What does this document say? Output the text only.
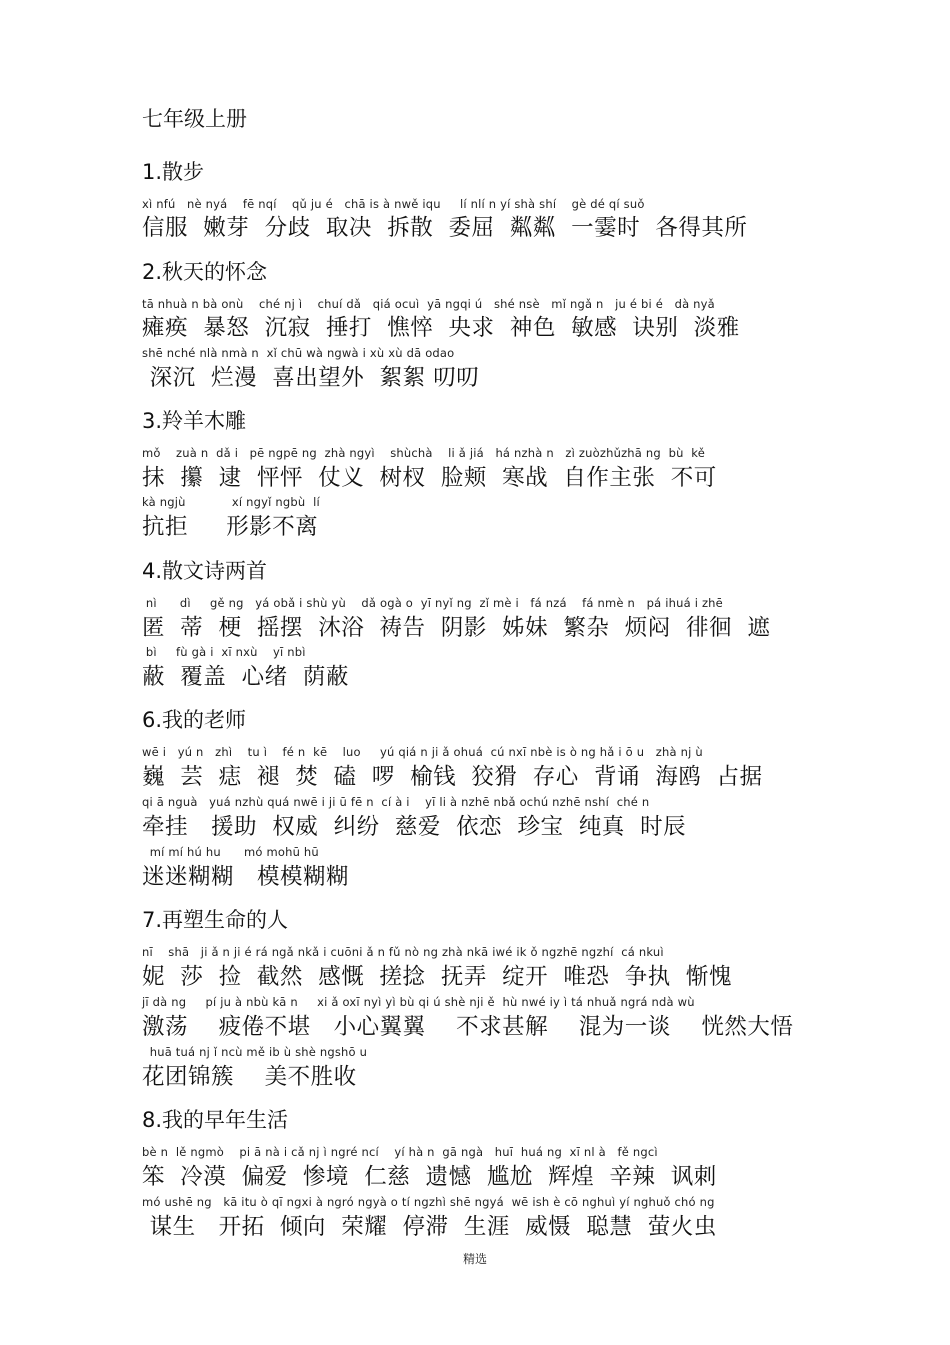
七年级上册
1.散步
xì nfú   nè nyá    fē nqí    qǔ ju é   chā is à nwě iqu     lí nlí n yí shà shí    gè dé qí suǒ
信服  嫩芽  分歧  取决  拆散  委屈  粼粼  一霎时  各得其所
2.秋天的怀念
tā nhuà n bà onù    ché nj ì    chuí dǎ   qiá ocuì  yā ngqi ú   shé nsè   mǐ ngǎ n   ju é bi é   dà nyǎ
瘫痪  暴怒  沉寂  捶打  憔悴  央求  神色  敏感  诀别  淡雅
shē nché nlà nmà n  xǐ chū wà ngwà i xù xù dā odao
深沉  烂漫  喜出望外  絮絮 叨叨
3.羚羊木雕
mǒ    zuà n  dǎ i   pē ngpē ng  zhà ngyì    shùchà    li ǎ jiá   há nzhà n   zì zuòzhǔzhā ng  bù  kě
抹  攥  逮  怦怦  仗义  树杈  脸颊  寒战  自作主张  不可
kà ngjù            xí ngyǐ ngbù  lí
抗拒     形影不离
4.散文诗两首
nì      dì     gě ng   yá obǎ i shù yù    dǎ ogà o  yī nyǐ ng  zǐ mè i   fá nzá    fá nmè n   pá ihuá i zhē
匿  蒂  梗  摇摆  沐浴  祷告  阴影  姊妹  繁杂  烦闷  徘徊  遮
bì     fù gà i  xī nxù    yī nbì
蔽  覆盖  心绪  荫蔽
6.我的老师
wē i   yú n   zhì    tu ì    fé n  kē    luo     yú qiá n ji ǎ ohuá  cú nxī nbè is ò ng hǎ i ō u   zhà nj ù
巍  芸  痣  褪  焚  磕  啰  榆钱  狡猾  存心  背诵  海鸥  占据
qi ā nguà   yuá nzhù quá nwē i ji ū fē n  cí à i    yī li à nzhē nbǎ ochú nzhē nshí  ché n
牵挂   援助  权威  纠纷  慈爱  依恋  珍宝  纯真  时辰
mí mí hú hu      mó mohū hū
迷迷糊糊   模模糊糊
7.再塑生命的人
nī    shā   ji ǎ n ji é rá ngǎ nkǎ i cuōni ǎ n fǔ nò ng zhà nkā iwé ik ǒ ngzhē ngzhí  cá nkuì
妮  莎  捡  截然  感慨  搓捻  抚弄  绽开  唯恐  争执  惭愧
jī dà ng     pí ju à nbù kā n     xi ǎ oxī nyì yì bù qi ú shè nji ě  hù nwé iy ì tá nhuǎ ngrá ndà wù
激荡    疲倦不堪   小心翼翼    不求甚解    混为一谈    恍然大悟
huā tuá nj ǐ ncù mě ib ù shè ngshō u
花团锦簇    美不胜收
8.我的早年生活
bè n  lě ngmò    pi ā nà i cǎ nj ì ngré ncí    yí hà n  gā ngà   huī  huá ng  xī nl à   fě ngcì
笨  冷漠  偏爱  惨境  仁慈  遗憾  尴尬  辉煌  辛辣  讽刺
mó ushē ng   kā itu ò qī ngxi à ngró ngyà o tí ngzhì shē ngyá  wē ish è cō nghuì yí nghuǒ chó ng
谋生   开拓  倾向  荣耀  停滞  生涯  威慑  聪慧  萤火虫
精选
